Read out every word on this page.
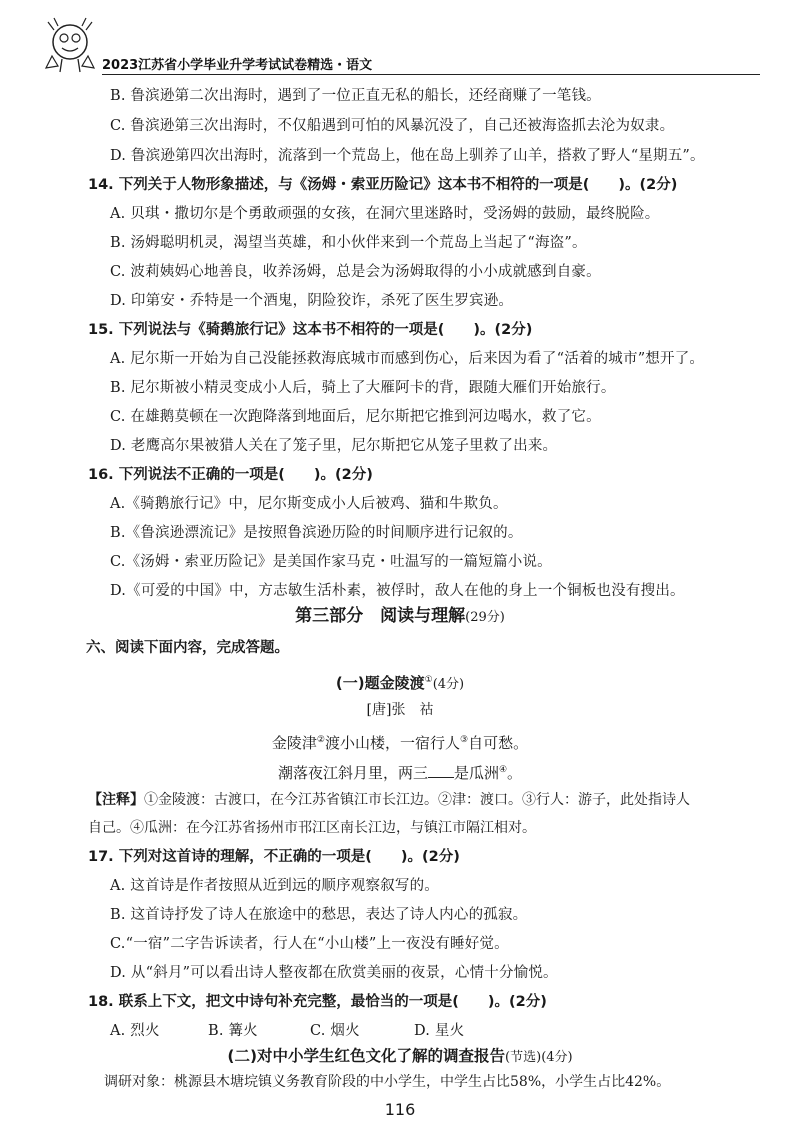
2023江苏省小学毕业升学考试试卷精选・语文
B. 鲁滨逊第二次出海时，遇到了一位正直无私的船长，还经商赚了一笔钱。
C. 鲁滨逊第三次出海时，不仅船遇到可怕的风暴沉没了，自己还被海盗抓去沦为奴隶。
D. 鲁滨逊第四次出海时，流落到一个荒岛上，他在岛上驯养了山羊，搭救了野人“星期五”。
14. 下列关于人物形象描述，与《汤姆・索亚历险记》这本书不相符的一项是(　　)。(2分)
A. 贝琪・撒切尔是个勇敢顽强的女孩，在洞穴里迷路时，受汤姆的鼓励，最终脱险。
B. 汤姆聪明机灵，渴望当英雄，和小伙伴来到一个荒岛上当起了“海盗”。
C. 波莉姨妈心地善良，收养汤姆，总是会为汤姆取得的小小成就感到自豪。
D. 印第安・乔特是一个酒鬼，阴险狡诈，杀死了医生罗宾逊。
15. 下列说法与《骑鹅旅行记》这本书不相符的一项是(　　)。(2分)
A. 尼尔斯一开始为自己没能拯救海底城市而感到伤心，后来因为看了“活着的城市”想开了。
B. 尼尔斯被小精灵变成小人后，骑上了大雁阿卡的背，跟随大雁们开始旅行。
C. 在雄鹅莫顿在一次跑降落到地面后，尼尔斯把它推到河边喝水，救了它。
D. 老鹰高尔果被猎人关在了笼子里，尼尔斯把它从笼子里救了出来。
16. 下列说法不正确的一项是(　　)。(2分)
A.《骑鹅旅行记》中，尼尔斯变成小人后被鸡、猫和牛欺负。
B.《鲁滨逊漂流记》是按照鲁滨逊历险的时间顺序进行记叙的。
C.《汤姆・索亚历险记》是美国作家马克・吐温写的一篇短篇小说。
D.《可爱的中国》中，方志敏生活朴素，被俘时，敌人在他的身上一个铜板也没有搜出。
第三部分　阅读与理解(29分)
六、阅读下面内容，完成答题。
(一)题金陵渡①(4分)
[唐]张　祜
金陵津②渡小山楼，一宿行人③自可愁。
潮落夜江斜月里，两三 是瓜洲④。
【注释】①金陵渡：古渡口，在今江苏省镇江市长江边。②津：渡口。③行人：游子，此处指诗人
自己。④瓜洲：在今江苏省扬州市邗江区南长江边，与镇江市隔江相对。
17. 下列对这首诗的理解，不正确的一项是(　　)。(2分)
A. 这首诗是作者按照从近到远的顺序观察叙写的。
B. 这首诗抒发了诗人在旅途中的愁思，表达了诗人内心的孤寂。
C.“一宿”二字告诉读者，行人在“小山楼”上一夜没有睡好觉。
D. 从“斜月”可以看出诗人整夜都在欣赏美丽的夜景，心情十分愉悦。
18. 联系上下文，把文中诗句补充完整，最恰当的一项是(　　)。(2分)
A. 烈火	B. 篝火	C. 烟火	D. 星火
(二)对中小学生红色文化了解的调查报告(节选)(4分)
调研对象：桃源县木塘垸镇义务教育阶段的中小学生，中学生占比58%，小学生占比42%。
116
